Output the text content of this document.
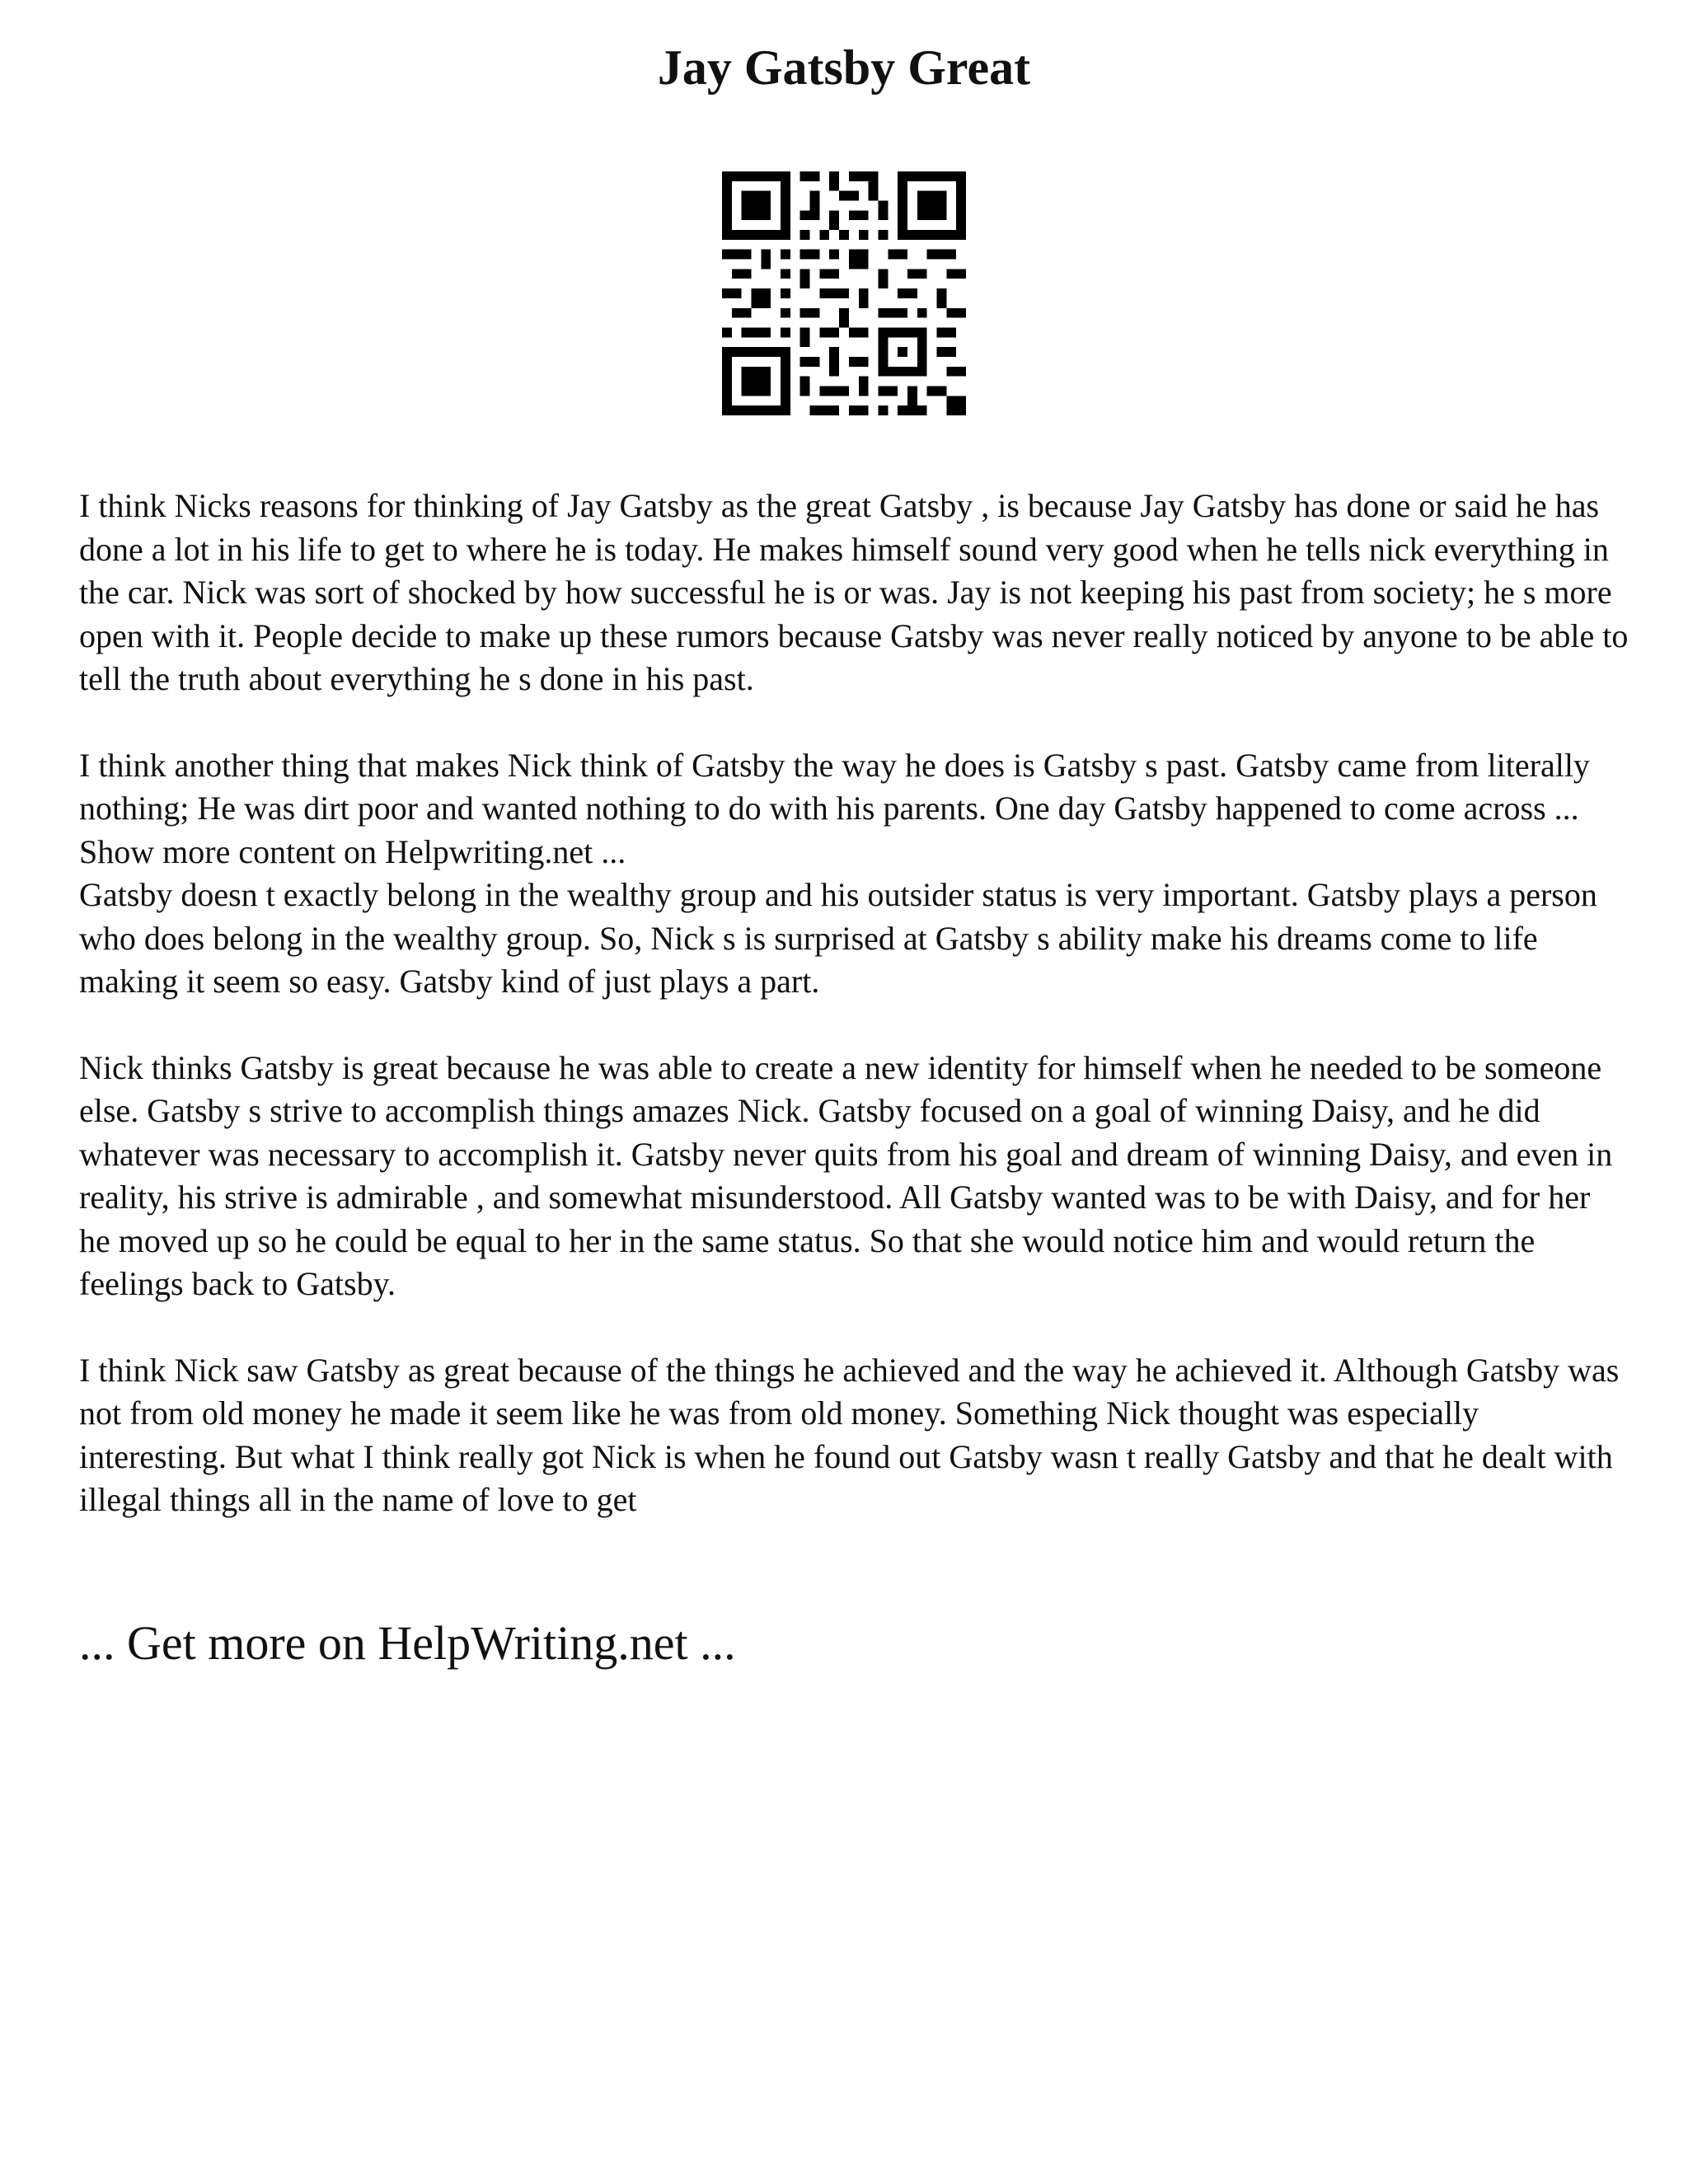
Jay Gatsby Great

I think Nicks reasons for thinking of Jay Gatsby as the great Gatsby , is because Jay Gatsby has done or said he has done a lot in his life to get to where he is today. He makes himself sound very good when he tells nick everything in the car. Nick was sort of shocked by how successful he is or was. Jay is not keeping his past from society; he s more open with it. People decide to make up these rumors because Gatsby was never really noticed by anyone to be able to tell the truth about everything he s done in his past.

I think another thing that makes Nick think of Gatsby the way he does is Gatsby s past. Gatsby came from literally nothing; He was dirt poor and wanted nothing to do with his parents. One day Gatsby happened to come across ... Show more content on Helpwriting.net ...

Gatsby doesn t exactly belong in the wealthy group and his outsider status is very important. Gatsby plays a person who does belong in the wealthy group. So, Nick s is surprised at Gatsby s ability make his dreams come to life making it seem so easy. Gatsby kind of just plays a part.

Nick thinks Gatsby is great because he was able to create a new identity for himself when he needed to be someone else. Gatsby s strive to accomplish things amazes Nick. Gatsby focused on a goal of winning Daisy, and he did whatever was necessary to accomplish it. Gatsby never quits from his goal and dream of winning Daisy, and even in reality, his strive is admirable , and somewhat misunderstood. All Gatsby wanted was to be with Daisy, and for her he moved up so he could be equal to her in the same status. So that she would notice him and would return the feelings back to Gatsby.

I think Nick saw Gatsby as great because of the things he achieved and the way he achieved it. Although Gatsby was not from old money he made it seem like he was from old money. Something Nick thought was especially interesting. But what I think really got Nick is when he found out Gatsby wasn t really Gatsby and that he dealt with illegal things all in the name of love to get

... Get more on HelpWriting.net ...
